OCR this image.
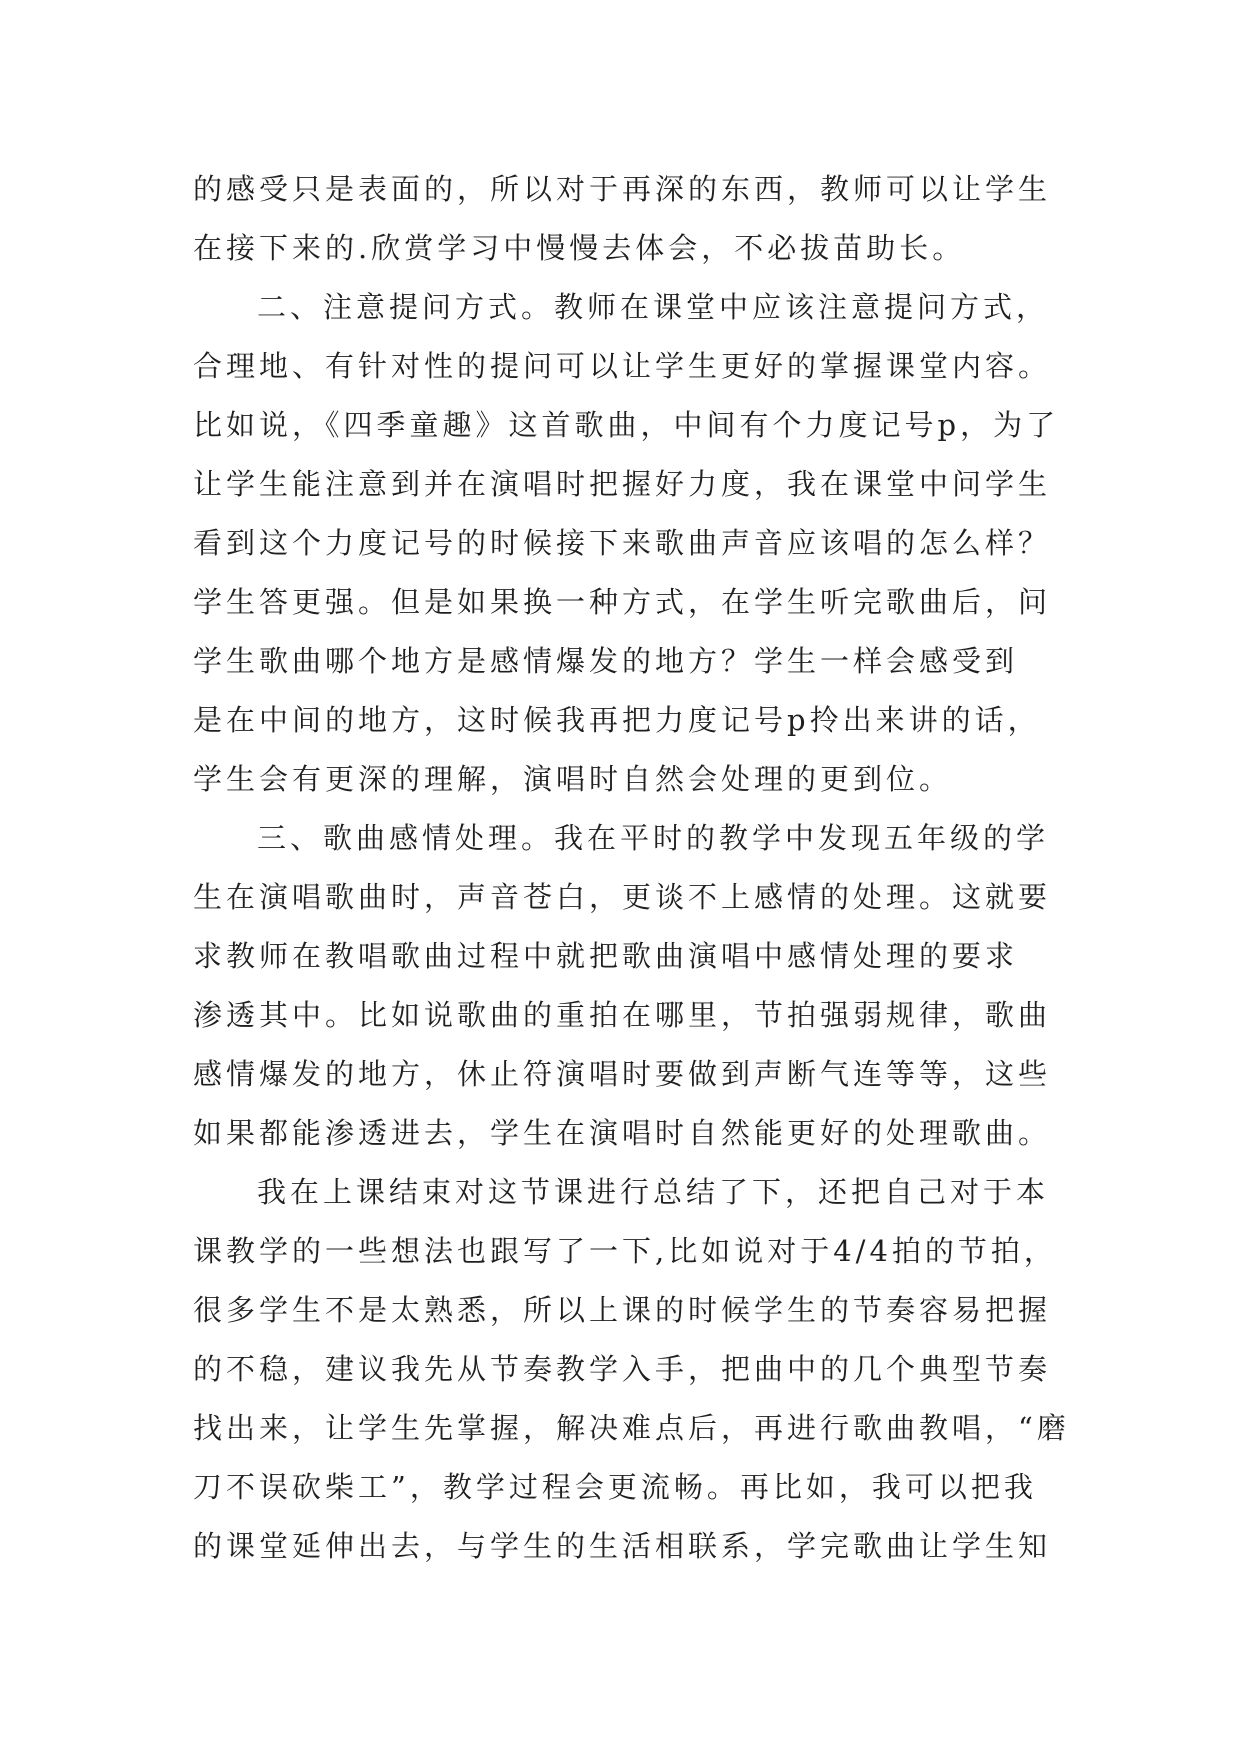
的感受只是表面的，所以对于再深的东西，教师可以让学生
在接下来的.欣赏学习中慢慢去体会，不必拔苗助长。
二、注意提问方式。教师在课堂中应该注意提问方式，
合理地、有针对性的提问可以让学生更好的掌握课堂内容。
比如说，《四季童趣》这首歌曲，中间有个力度记号p，为了
让学生能注意到并在演唱时把握好力度，我在课堂中问学生
看到这个力度记号的时候接下来歌曲声音应该唱的怎么样？
学生答更强。但是如果换一种方式，在学生听完歌曲后，问
学生歌曲哪个地方是感情爆发的地方？学生一样会感受到
是在中间的地方，这时候我再把力度记号p拎出来讲的话，
学生会有更深的理解，演唱时自然会处理的更到位。
三、歌曲感情处理。我在平时的教学中发现五年级的学
生在演唱歌曲时，声音苍白，更谈不上感情的处理。这就要
求教师在教唱歌曲过程中就把歌曲演唱中感情处理的要求
渗透其中。比如说歌曲的重拍在哪里，节拍强弱规律，歌曲
感情爆发的地方，休止符演唱时要做到声断气连等等，这些
如果都能渗透进去，学生在演唱时自然能更好的处理歌曲。
我在上课结束对这节课进行总结了下，还把自己对于本
课教学的一些想法也跟写了一下,比如说对于4/4拍的节拍，
很多学生不是太熟悉，所以上课的时候学生的节奏容易把握
的不稳，建议我先从节奏教学入手，把曲中的几个典型节奏
找出来，让学生先掌握，解决难点后，再进行歌曲教唱，“磨
刀不误砍柴工”，教学过程会更流畅。再比如，我可以把我
的课堂延伸出去，与学生的生活相联系，学完歌曲让学生知
